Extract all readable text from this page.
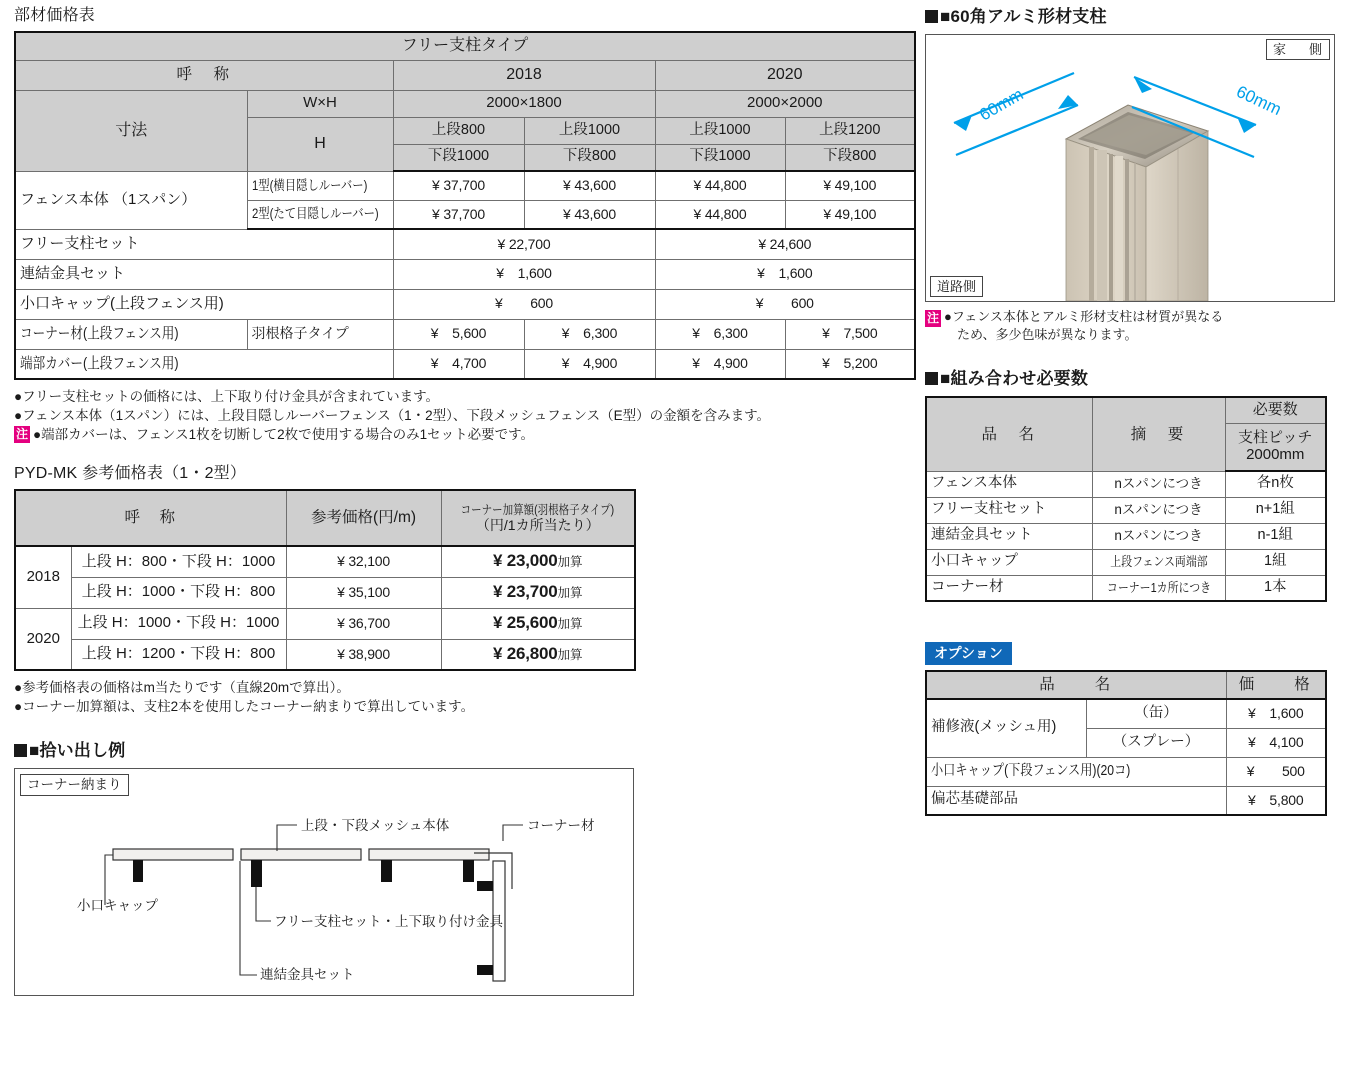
部材価格表
フリー支柱タイプ					
呼　称		2018		2020	
寸法	W×H	2000×1800		2000×2000	
	H	上段800	上段1000	上段1000	上段1200
		下段1000	下段800	下段1000	下段800
フェンス本体 （1スパン）	1型(横目隠しルーバー)	¥ 37,700	¥ 43,600	¥ 44,800	¥ 49,100
	2型(たて目隠しルーバー)	¥ 37,700	¥ 43,600	¥ 44,800	¥ 49,100
フリー支柱セット		¥ 22,700		¥ 24,600	
連結金具セット		¥　1,600		¥　1,600	
小口キャップ(上段フェンス用)		¥　　600		¥　　600	
コーナー材(上段フェンス用)	羽根格子タイプ	¥　5,600	¥　6,300	¥　6,300	¥　7,500
端部カバー(上段フェンス用)		¥　4,700	¥　4,900	¥　4,900	¥　5,200
●フリー支柱セットの価格には、上下取り付け金具が含まれています。
●フェンス本体（1スパン）には、上段目隠しルーバーフェンス（1・2型）、下段メッシュフェンス（E型）の金額を含みます。
注 ●端部カバーは、フェンス1枚を切断して2枚で使用する場合のみ1セット必要です。
PYD-MK 参考価格表（1・2型）
呼　称		参考価格(円/m)	コーナー加算額(羽根格子タイプ)
（円/1カ所当たり）

2018	上段 H：800・下段 H：1000	¥ 32,100	¥ 23,000加算
	上段 H：1000・下段 H：800	¥ 35,100	¥ 23,700加算
2020	上段 H：1000・下段 H：1000	¥ 36,700	¥ 25,600加算
	上段 H：1200・下段 H：800	¥ 38,900	¥ 26,800加算
●参考価格表の価格はm当たりです（直線20mで算出）。
●コーナー加算額は、支柱2本を使用したコーナー納まりで算出しています。
■拾い出し例
コーナー納まり
上段・下段メッシュ本体	コーナー材
小口キャップ
フリー支柱セット・上下取り付け金具
連結金具セット
■60角アルミ形材支柱
家　側
道路側
60mm	60mm
注 ●フェンス本体とアルミ形材支柱は材質が異なる
ため、多少色味が異なります。
■組み合わせ必要数
品　名	摘　要	必要数

		支柱ピッチ
2000mm

フェンス本体	nスパンにつき	各n枚
フリー支柱セット	nスパンにつき	n+1組
連結金具セット	nスパンにつき	n-1組
小口キャップ	上段フェンス両端部	1組
コーナー材	コーナー1カ所につき	1本
オプション
品　　名		価　　格
補修液(メッシュ用)	（缶）	¥　1,600
	（スプレー）	¥　4,100
小口キャップ(下段フェンス用)(20コ)		¥　　500
偏芯基礎部品		¥　5,800
